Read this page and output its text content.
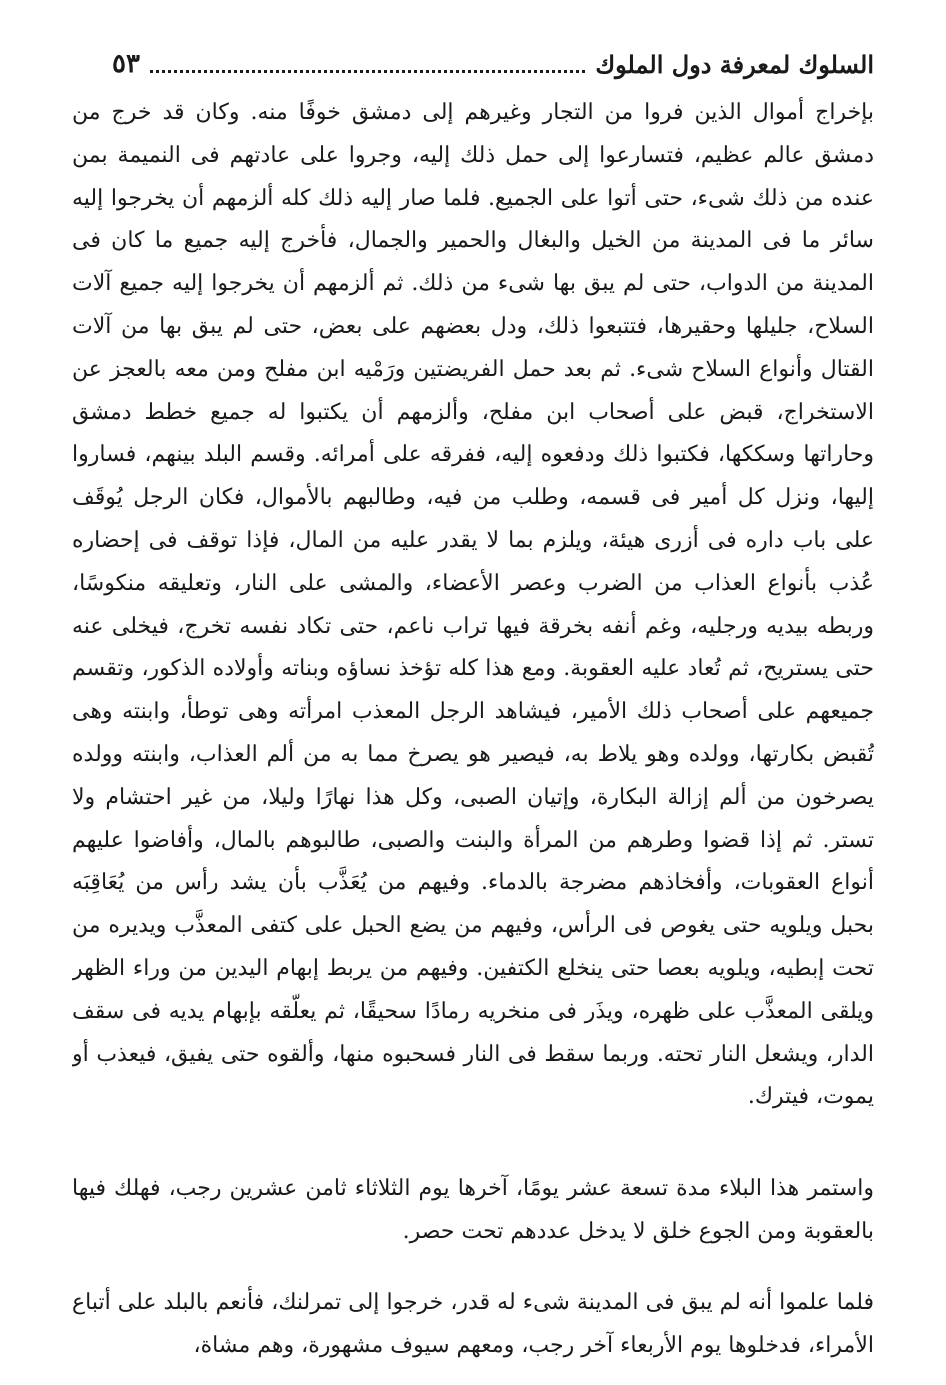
السلوك لمعرفة دول الملوك
٥٣

بإخراج أموال الذين فروا من التجار وغيرهم إلى دمشق خوفًا منه. وكان قد خرج من دمشق عالم عظيم، فتسارعوا إلى حمل ذلك إليه، وجروا على عادتهم فى النميمة بمن عنده من ذلك شىء، حتى أتوا على الجميع. فلما صار إليه ذلك كله ألزمهم أن يخرجوا إليه سائر ما فى المدينة من الخيل والبغال والحمير والجمال، فأخرج إليه جميع ما كان فى المدينة من الدواب، حتى لم يبق بها شىء من ذلك. ثم ألزمهم أن يخرجوا إليه جميع آلات السلاح، جليلها وحقيرها، فتتبعوا ذلك، ودل بعضهم على بعض، حتى لم يبق بها من آلات القتال وأنواع السلاح شىء. ثم بعد حمل الفريضتين ورَمْيه ابن مفلح ومن معه بالعجز عن الاستخراج، قبض على أصحاب ابن مفلح، وألزمهم أن يكتبوا له جميع خطط دمشق وحاراتها وسككها، فكتبوا ذلك ودفعوه إليه، ففرقه على أمرائه. وقسم البلد بينهم، فساروا إليها، ونزل كل أمير فى قسمه، وطلب من فيه، وطالبهم بالأموال، فكان الرجل يُوقَف على باب داره فى أزرى هيئة، ويلزم بما لا يقدر عليه من المال، فإذا توقف فى إحضاره عُذب بأنواع العذاب من الضرب وعصر الأعضاء، والمشى على النار، وتعليقه منكوسًا، وربطه بيديه ورجليه، وغم أنفه بخرقة فيها تراب ناعم، حتى تكاد نفسه تخرج، فيخلى عنه حتى يستريح، ثم تُعاد عليه العقوبة. ومع هذا كله تؤخذ نساؤه وبناته وأولاده الذكور، وتقسم جميعهم على أصحاب ذلك الأمير، فيشاهد الرجل المعذب امرأته وهى توطأ، وابنته وهى تُقبض بكارتها، وولده وهو يلاط به، فيصير هو يصرخ مما به من ألم العذاب، وابنته وولده يصرخون من ألم إزالة البكارة، وإتيان الصبى، وكل هذا نهارًا وليلا، من غير احتشام ولا تستر. ثم إذا قضوا وطرهم من المرأة والبنت والصبى، طالبوهم بالمال، وأفاضوا عليهم أنواع العقوبات، وأفخاذهم مضرجة بالدماء. وفيهم من يُعَذَّب بأن يشد رأس من يُعَاقِبَه بحبل ويلويه حتى يغوص فى الرأس، وفيهم من يضع الحبل على كتفى المعذَّب ويديره من تحت إبطيه، ويلويه بعصا حتى ينخلع الكتفين. وفيهم من يربط إبهام اليدين من وراء الظهر ويلقى المعذَّب على ظهره، ويذَر فى منخريه رمادًا سحيقًا، ثم يعلّقه بإبهام يديه فى سقف الدار، ويشعل النار تحته. وربما سقط فى النار فسحبوه منها، وألقوه حتى يفيق، فيعذب أو يموت، فيترك.

واستمر هذا البلاء مدة تسعة عشر يومًا، آخرها يوم الثلاثاء ثامن عشرين رجب، فهلك فيها بالعقوبة ومن الجوع خلق لا يدخل عددهم تحت حصر.

فلما علموا أنه لم يبق فى المدينة شىء له قدر، خرجوا إلى تمرلنك، فأنعم بالبلد على أتباع الأمراء، فدخلوها يوم الأربعاء آخر رجب، ومعهم سيوف مشهورة، وهم مشاة،
